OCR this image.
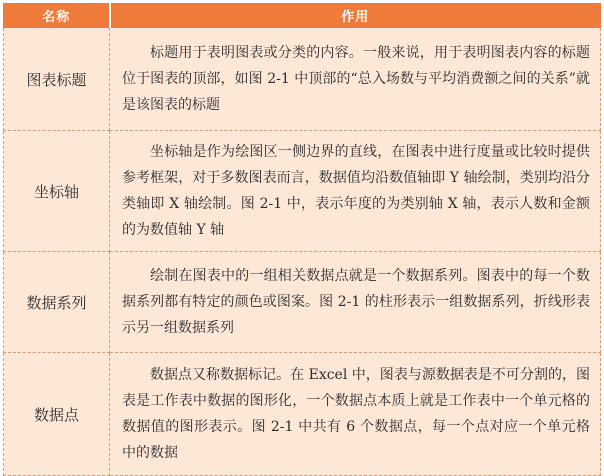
名称	作用
图表标题	标题用于表明图表或分类的内容。一般来说，用于表明图表内容的标题位于图表的顶部，如图 2-1 中顶部的“总入场数与平均消费额之间的关系”就是该图表的标题
坐标轴	坐标轴是作为绘图区一侧边界的直线，在图表中进行度量或比较时提供参考框架，对于多数图表而言，数据值均沿数值轴即 Y 轴绘制，类别均沿分类轴即 X 轴绘制。图 2-1 中，表示年度的为类别轴 X 轴，表示人数和金额的为数值轴 Y 轴
数据系列	绘制在图表中的一组相关数据点就是一个数据系列。图表中的每一个数据系列都有特定的颜色或图案。图 2-1 的柱形表示一组数据系列，折线形表示另一组数据系列
数据点	数据点又称数据标记。在 Excel 中，图表与源数据表是不可分割的，图表是工作表中数据的图形化，一个数据点本质上就是工作表中一个单元格的数据值的图形表示。图 2-1 中共有 6 个数据点，每一个点对应一个单元格中的数据
